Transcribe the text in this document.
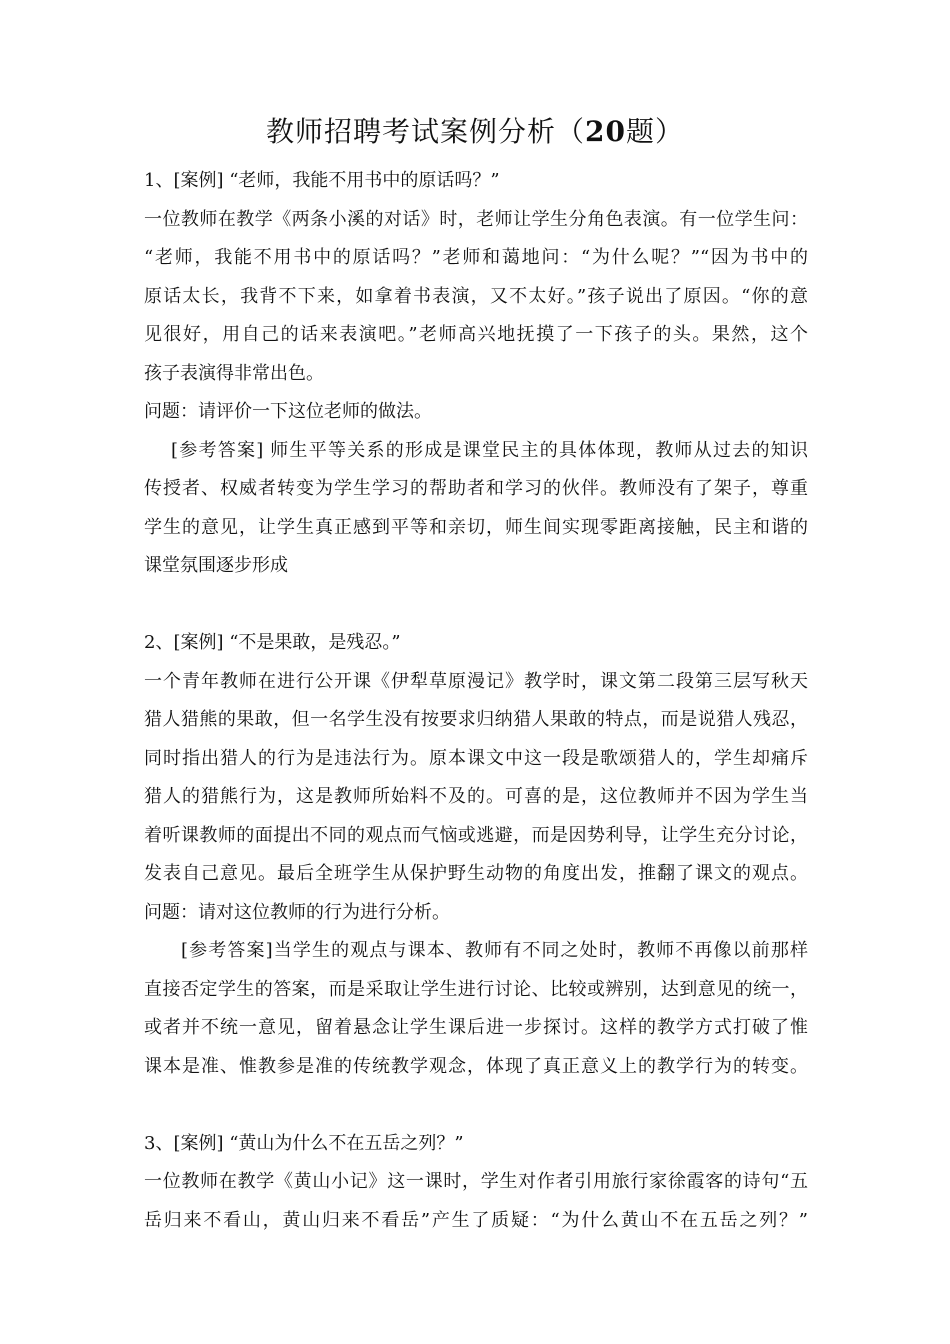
教师招聘考试案例分析（20题）
1、[案例] “老师，我能不用书中的原话吗？”
一位教师在教学《两条小溪的对话》时，老师让学生分角色表演。有一位学生问：
“老师，我能不用书中的原话吗？”老师和蔼地问：“为什么呢？”“因为书中的
原话太长，我背不下来，如拿着书表演，又不太好。”孩子说出了原因。“你的意
见很好，用自己的话来表演吧。”老师高兴地抚摸了一下孩子的头。果然，这个
孩子表演得非常出色。
问题：请评价一下这位老师的做法。
[参考答案] 师生平等关系的形成是课堂民主的具体体现，教师从过去的知识
传授者、权威者转变为学生学习的帮助者和学习的伙伴。教师没有了架子，尊重
学生的意见，让学生真正感到平等和亲切，师生间实现零距离接触，民主和谐的
课堂氛围逐步形成
2、[案例] “不是果敢，是残忍。”
一个青年教师在进行公开课《伊犁草原漫记》教学时，课文第二段第三层写秋天
猎人猎熊的果敢，但一名学生没有按要求归纳猎人果敢的特点，而是说猎人残忍，
同时指出猎人的行为是违法行为。原本课文中这一段是歌颂猎人的，学生却痛斥
猎人的猎熊行为，这是教师所始料不及的。可喜的是，这位教师并不因为学生当
着听课教师的面提出不同的观点而气恼或逃避，而是因势利导，让学生充分讨论，
发表自己意见。最后全班学生从保护野生动物的角度出发，推翻了课文的观点。
问题：请对这位教师的行为进行分析。
[参考答案]当学生的观点与课本、教师有不同之处时，教师不再像以前那样
直接否定学生的答案，而是采取让学生进行讨论、比较或辨别，达到意见的统一，
或者并不统一意见，留着悬念让学生课后进一步探讨。这样的教学方式打破了惟
课本是准、惟教参是准的传统教学观念，体现了真正意义上的教学行为的转变。
3、[案例] “黄山为什么不在五岳之列？”
一位教师在教学《黄山小记》这一课时，学生对作者引用旅行家徐霞客的诗句“五
岳归来不看山，黄山归来不看岳”产生了质疑：“为什么黄山不在五岳之列？”
